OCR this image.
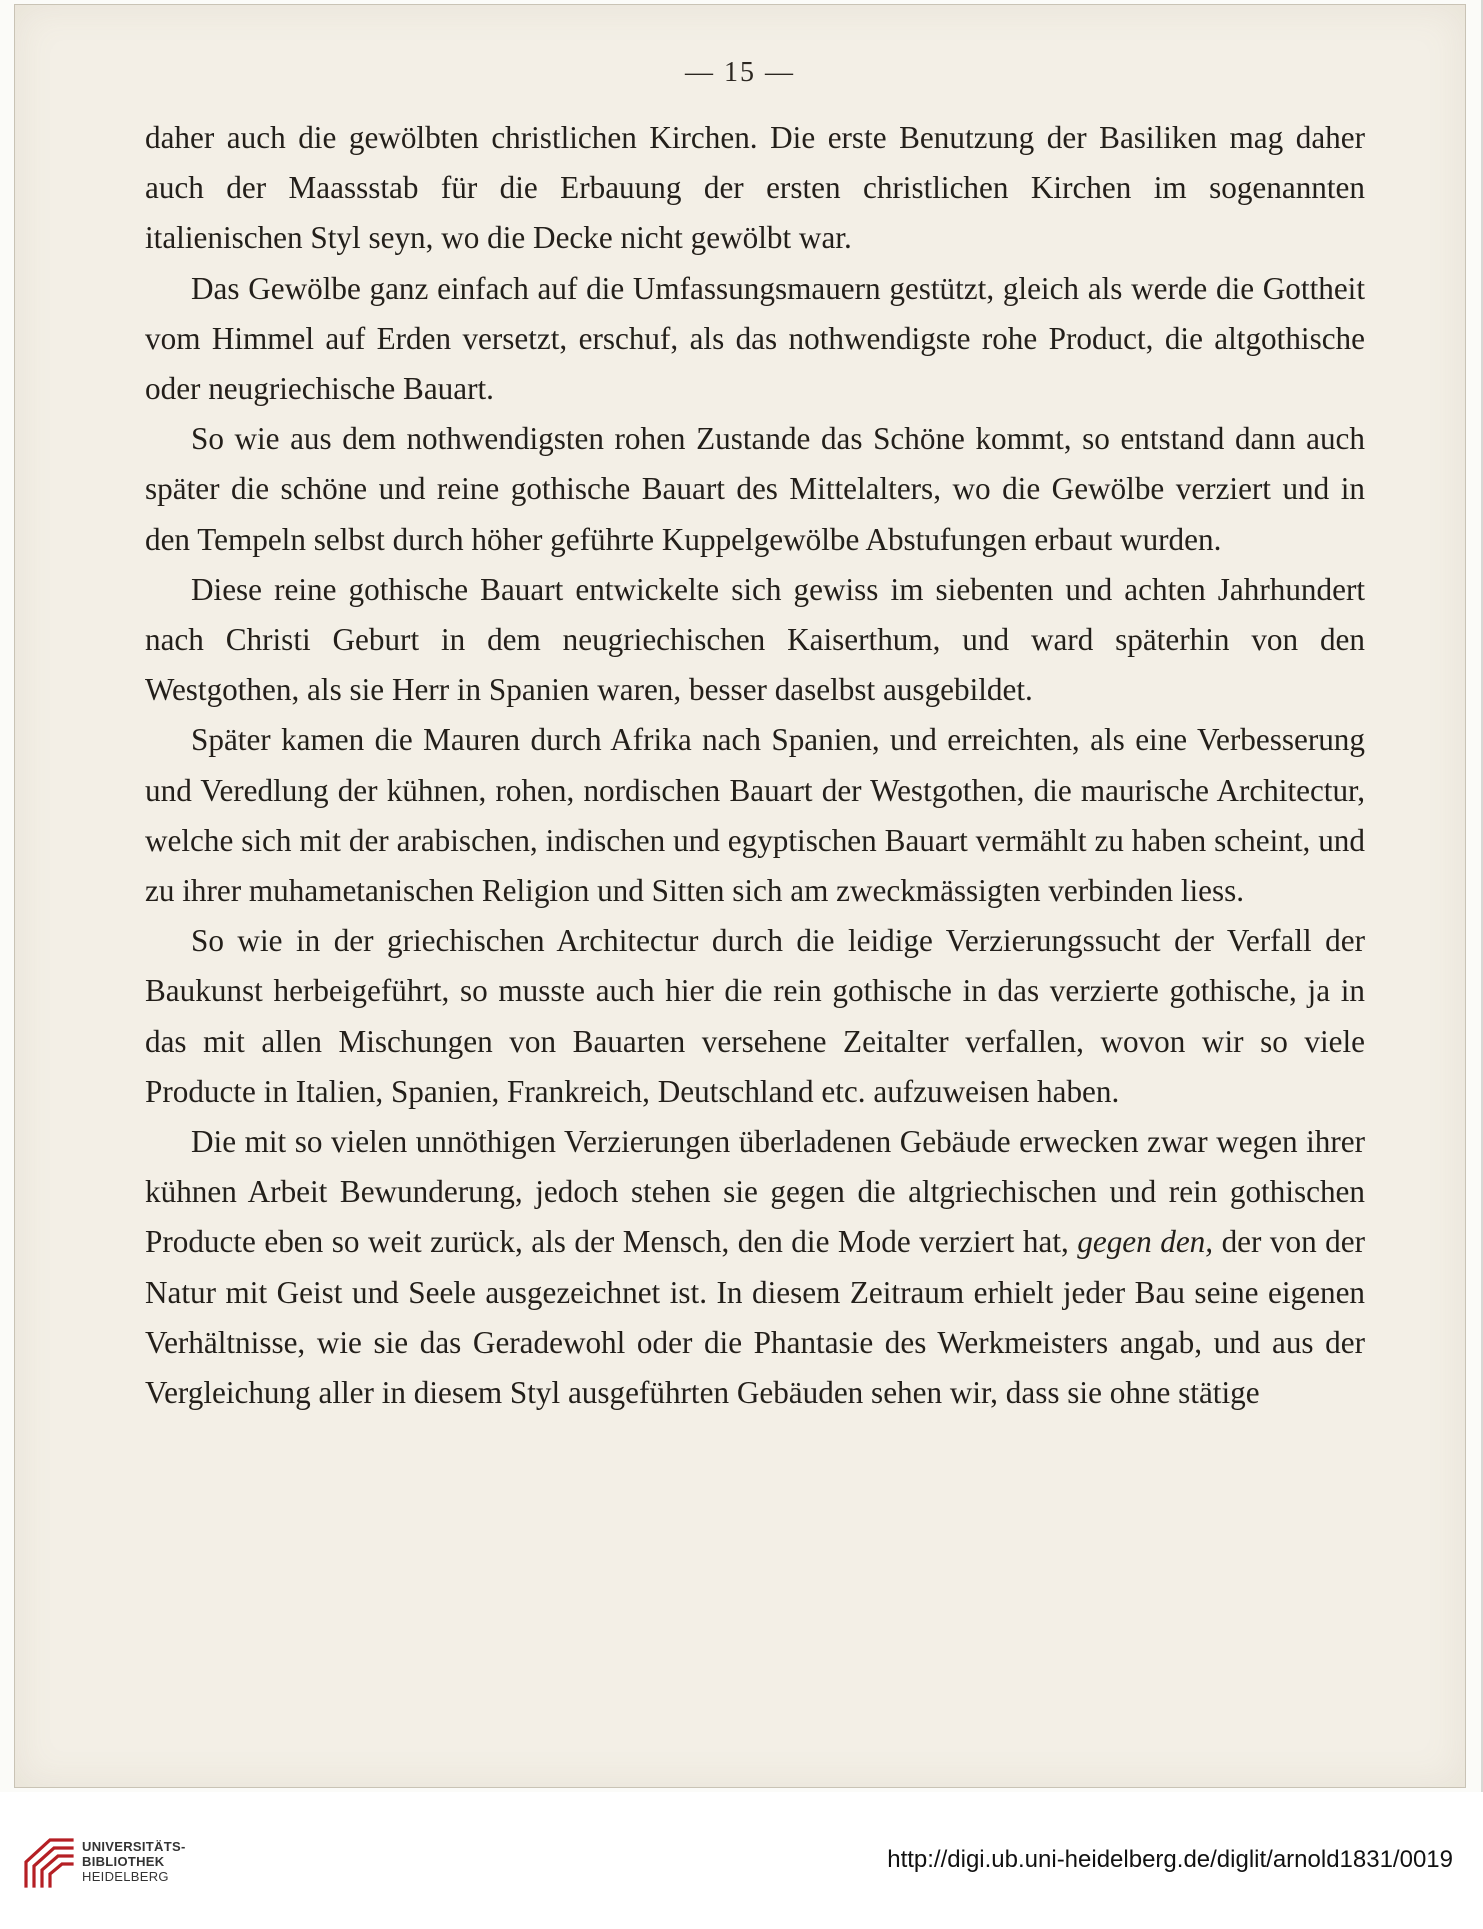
— 15 —

daher auch die gewölbten christlichen Kirchen. Die erste Benutzung der Basiliken mag daher auch der Maassstab für die Erbauung der ersten christlichen Kirchen im sogenannten italienischen Styl seyn, wo die Decke nicht gewölbt war.

Das Gewölbe ganz einfach auf die Umfassungsmauern gestützt, gleich als werde die Gottheit vom Himmel auf Erden versetzt, erschuf, als das nothwendigste rohe Product, die altgothische oder neugriechische Bauart.

So wie aus dem nothwendigsten rohen Zustande das Schöne kommt, so entstand dann auch später die schöne und reine gothische Bauart des Mittelalters, wo die Gewölbe verziert und in den Tempeln selbst durch höher geführte Kuppelgewölbe Abstufungen erbaut wurden.

Diese reine gothische Bauart entwickelte sich gewiss im siebenten und achten Jahrhundert nach Christi Geburt in dem neugriechischen Kaiserthum, und ward späterhin von den Westgothen, als sie Herr in Spanien waren, besser daselbst ausgebildet.

Später kamen die Mauren durch Afrika nach Spanien, und erreichten, als eine Verbesserung und Veredlung der kühnen, rohen, nordischen Bauart der Westgothen, die maurische Architectur, welche sich mit der arabischen, indischen und egyptischen Bauart vermählt zu haben scheint, und zu ihrer muhametanischen Religion und Sitten sich am zweckmässigten verbinden liess.

So wie in der griechischen Architectur durch die leidige Verzierungssucht der Verfall der Baukunst herbeigeführt, so musste auch hier die rein gothische in das verzierte gothische, ja in das mit allen Mischungen von Bauarten versehene Zeitalter verfallen, wovon wir so viele Producte in Italien, Spanien, Frankreich, Deutschland etc. aufzuweisen haben.

Die mit so vielen unnöthigen Verzierungen überladenen Gebäude erwecken zwar wegen ihrer kühnen Arbeit Bewunderung, jedoch stehen sie gegen die altgriechischen und rein gothischen Producte eben so weit zurück, als der Mensch, den die Mode verziert hat, gegen den, der von der Natur mit Geist und Seele ausgezeichnet ist. In diesem Zeitraum erhielt jeder Bau seine eigenen Verhältnisse, wie sie das Geradewohl oder die Phantasie des Werkmeisters angab, und aus der Vergleichung aller in diesem Styl ausgeführten Gebäuden sehen wir, dass sie ohne stätige

UNIVERSITÄTS-
BIBLIOTHEK
HEIDELBERG
http://digi.ub.uni-heidelberg.de/diglit/arnold1831/0019
